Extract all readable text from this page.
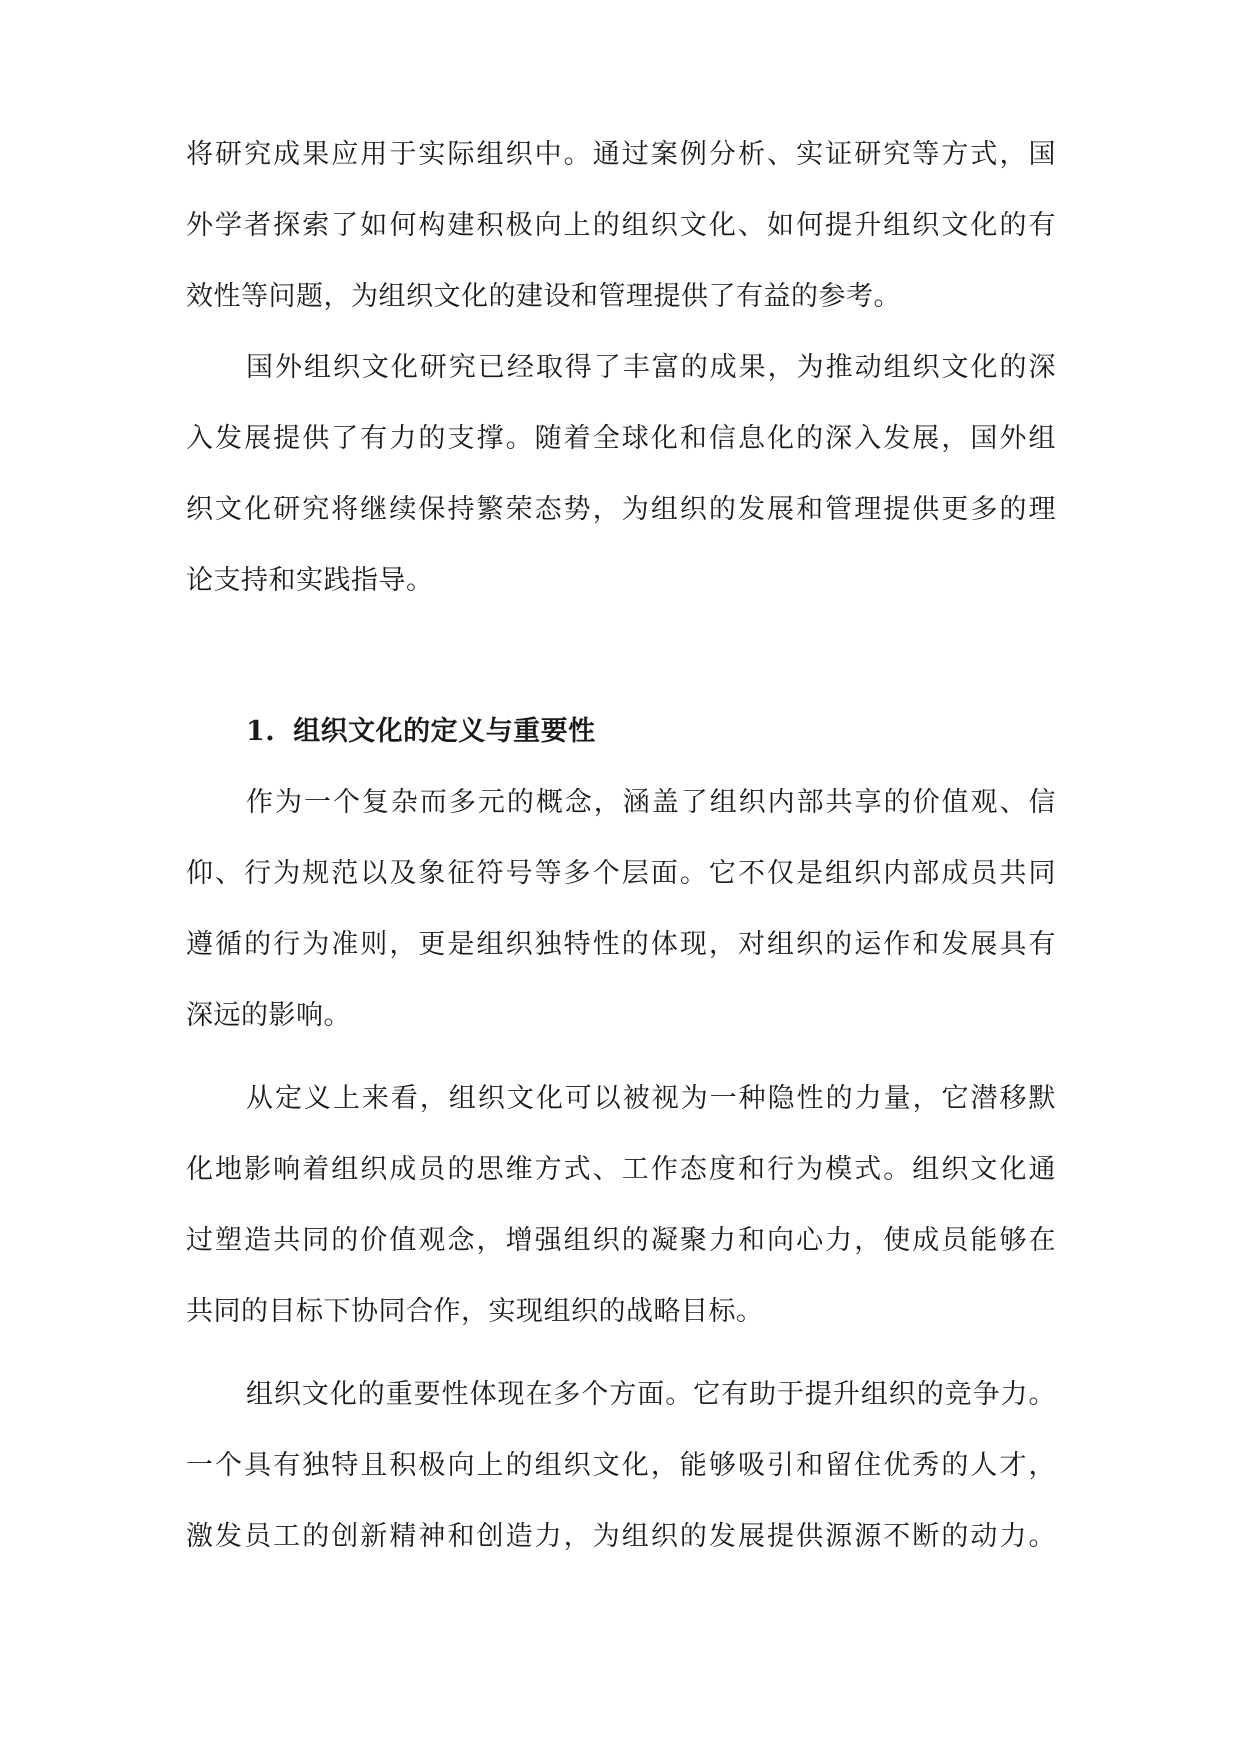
将研究成果应用于实际组织中。通过案例分析、实证研究等方式，国
外学者探索了如何构建积极向上的组织文化、如何提升组织文化的有
效性等问题，为组织文化的建设和管理提供了有益的参考。
国外组织文化研究已经取得了丰富的成果，为推动组织文化的深
入发展提供了有力的支撑。随着全球化和信息化的深入发展，国外组
织文化研究将继续保持繁荣态势，为组织的发展和管理提供更多的理
论支持和实践指导。
1. 组织文化的定义与重要性
作为一个复杂而多元的概念，涵盖了组织内部共享的价值观、信
仰、行为规范以及象征符号等多个层面。它不仅是组织内部成员共同
遵循的行为准则，更是组织独特性的体现，对组织的运作和发展具有
深远的影响。
从定义上来看，组织文化可以被视为一种隐性的力量，它潜移默
化地影响着组织成员的思维方式、工作态度和行为模式。组织文化通
过塑造共同的价值观念，增强组织的凝聚力和向心力，使成员能够在
共同的目标下协同合作，实现组织的战略目标。
组织文化的重要性体现在多个方面。它有助于提升组织的竞争力。
一个具有独特且积极向上的组织文化，能够吸引和留住优秀的人才，
激发员工的创新精神和创造力，为组织的发展提供源源不断的动力。
